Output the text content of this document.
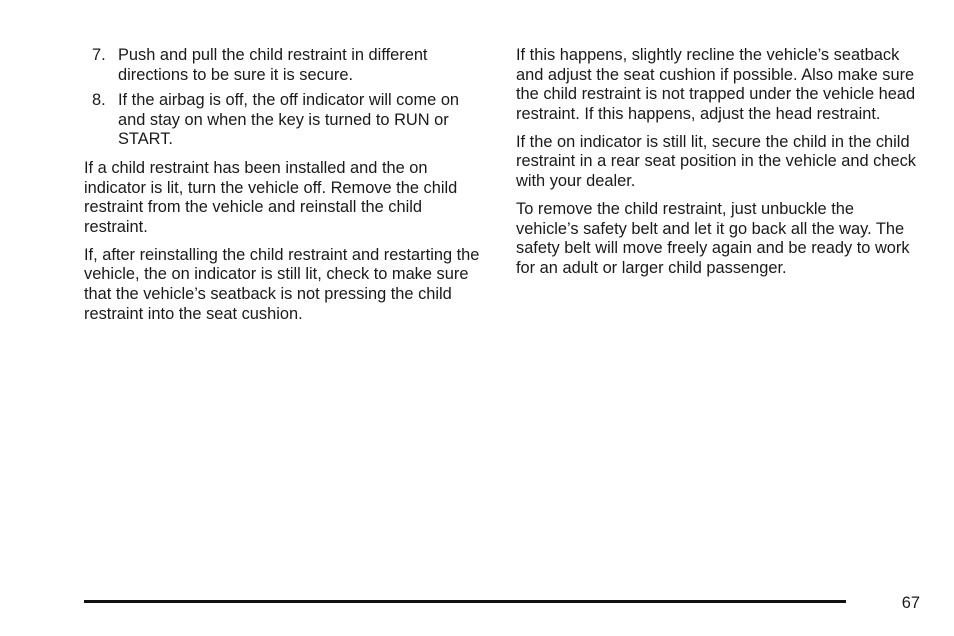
7. Push and pull the child restraint in different directions to be sure it is secure.
8. If the airbag is off, the off indicator will come on and stay on when the key is turned to RUN or START.

If a child restraint has been installed and the on indicator is lit, turn the vehicle off. Remove the child restraint from the vehicle and reinstall the child restraint.

If, after reinstalling the child restraint and restarting the vehicle, the on indicator is still lit, check to make sure that the vehicle’s seatback is not pressing the child restraint into the seat cushion.

If this happens, slightly recline the vehicle’s seatback and adjust the seat cushion if possible. Also make sure the child restraint is not trapped under the vehicle head restraint. If this happens, adjust the head restraint.

If the on indicator is still lit, secure the child in the child restraint in a rear seat position in the vehicle and check with your dealer.

To remove the child restraint, just unbuckle the vehicle’s safety belt and let it go back all the way. The safety belt will move freely again and be ready to work for an adult or larger child passenger.

67
